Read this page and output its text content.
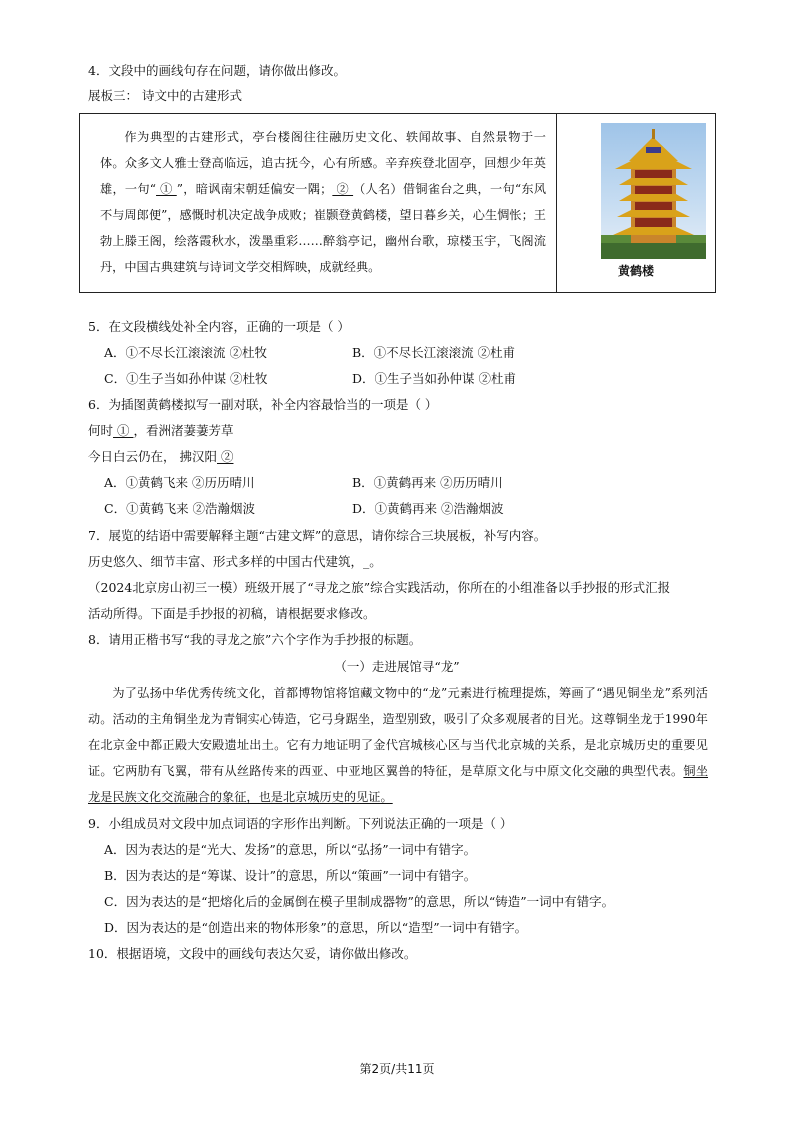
4．文段中的画线句存在问题，请你做出修改。
展板三： 诗文中的古建形式

作为典型的古建形式，亭台楼阁往往融历史文化、轶闻故事、自然景物于一体。众多文人雅士登高临远，追古抚今，心有所感。辛弃疾登北固亭，回想少年英雄，一句“ ① ”，暗讽南宋朝廷偏安一隅； ② （人名）借铜雀台之典，一句“东风不与周郎便”，感慨时机决定战争成败；崔颢登黄鹤楼，望日暮乡关，心生惆怅；王勃上滕王阁，绘落霞秋水，泼墨重彩……醉翁亭记，幽州台歌，琼楼玉宇，飞阁流丹，中国古典建筑与诗词文学交相辉映，成就经典。	黄鹤楼
5．在文段横线处补全内容，正确的一项是（ ）
A．①不尽长江滚滚流 ②杜牧	B．①不尽长江滚滚流 ②杜甫
C．①生子当如孙仲谋 ②杜牧	D．①生子当如孙仲谋 ②杜甫
6．为插图黄鹤楼拟写一副对联，补全内容最恰当的一项是（ ）
何时 ① ，看洲渚萋萋芳草
今日白云仍在， 拂汉阳 ②
A．①黄鹤飞来 ②历历晴川	B．①黄鹤再来 ②历历晴川
C．①黄鹤飞来 ②浩瀚烟波	D．①黄鹤再来 ②浩瀚烟波
7．展览的结语中需要解释主题“古建文辉”的意思，请你综合三块展板，补写内容。
历史悠久、细节丰富、形式多样的中国古代建筑，_。
（2024北京房山初三一模）班级开展了“寻龙之旅”综合实践活动，你所在的小组准备以手抄报的形式汇报
活动所得。下面是手抄报的初稿，请根据要求修改。
8．请用正楷书写“我的寻龙之旅”六个字作为手抄报的标题。
（一）走进展馆寻“龙”

为了弘扬中华优秀传统文化，首都博物馆将馆藏文物中的“龙”元素进行梳理提炼，筹画了“遇见铜坐龙”系列活动。活动的主角铜坐龙为青铜实心铸造，它弓身踞坐，造型别致，吸引了众多观展者的目光。这尊铜坐龙于1990年在北京金中都正殿大安殿遗址出土。它有力地证明了金代宫城核心区与当代北京城的关系，是北京城历史的重要见证。它两肋有飞翼，带有从丝路传来的西亚、中亚地区翼兽的特征，是草原文化与中原文化交融的典型代表。铜坐龙是民族文化交流融合的象征，也是北京城历史的见证。

9．小组成员对文段中加点词语的字形作出判断。下列说法正确的一项是（ ）
A．因为表达的是“光大、发扬”的意思，所以“弘扬”一词中有错字。
B．因为表达的是“筹谋、设计”的意思，所以“策画”一词中有错字。
C．因为表达的是“把熔化后的金属倒在模子里制成器物”的意思，所以“铸造”一词中有错字。
D．因为表达的是“创造出来的物体形象”的意思，所以“造型”一词中有错字。
10．根据语境，文段中的画线句表达欠妥，请你做出修改。
第2页/共11页
